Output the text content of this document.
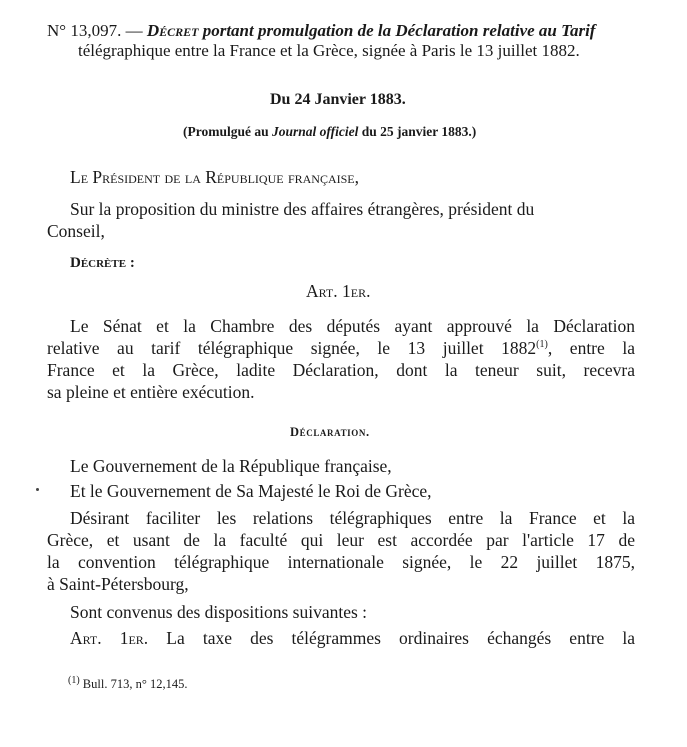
N° 13,097. — Décret portant promulgation de la Déclaration relative au Tarif
télégraphique entre la France et la Grèce, signée à Paris le 13 juillet 1882.
Du 24 Janvier 1883.
(Promulgué au Journal officiel du 25 janvier 1883.)
Le Président de la République française,
Sur la proposition du ministre des affaires étrangères, président du
Conseil,
Décrète :
Art. 1er.
Le Sénat et la Chambre des députés ayant approuvé la Déclaration
relative au tarif télégraphique signée, le 13 juillet 1882$^{(1)}$, entre la
France et la Grèce, ladite Déclaration, dont la teneur suit, recevra
sa pleine et entière exécution.
Déclaration.
Le Gouvernement de la République française,
Et le Gouvernement de Sa Majesté le Roi de Grèce,
Désirant faciliter les relations télégraphiques entre la France et la
Grèce, et usant de la faculté qui leur est accordée par l'article 17 de
la convention télégraphique internationale signée, le 22 juillet 1875,
à Saint-Pétersbourg,
Sont convenus des dispositions suivantes :
Art. 1er. La taxe des télégrammes ordinaires échangés entre la
$^{(1)}$ Bull. 713, n° 12,145.
